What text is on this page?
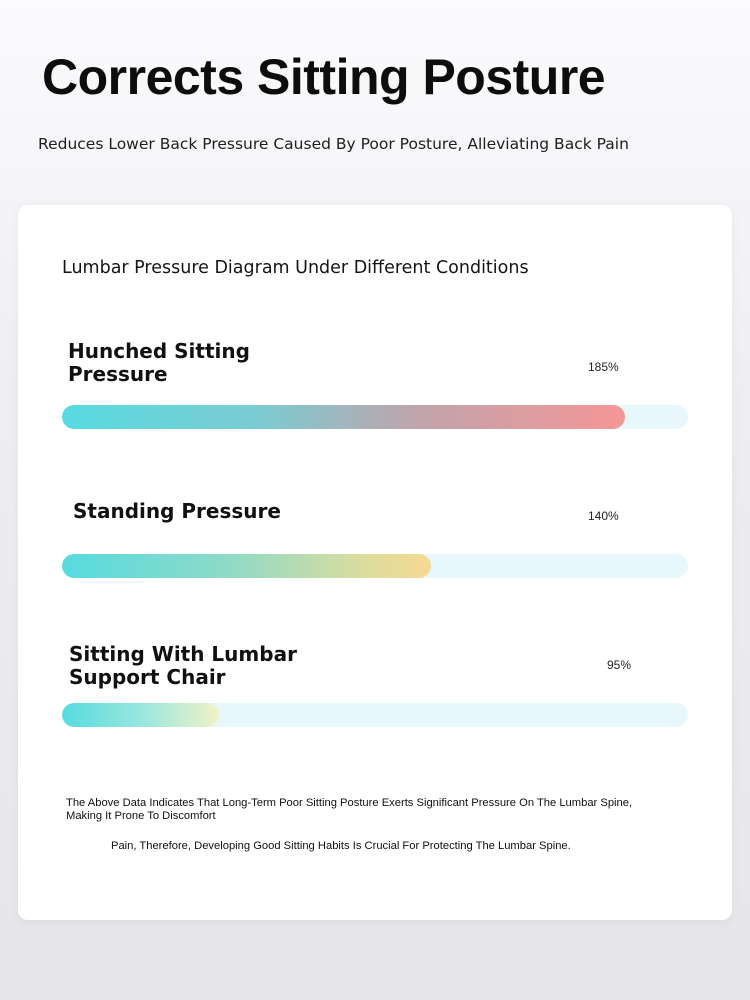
Corrects Sitting Posture

Reduces Lower Back Pressure Caused By Poor Posture, Alleviating Back Pain

Lumbar Pressure Diagram Under Different Conditions

Hunched Sitting
Pressure	185%
Standing Pressure	140%
Sitting With Lumbar
Support Chair	95%

The Above Data Indicates That Long-Term Poor Sitting Posture Exerts Significant Pressure On The Lumbar Spine,
Making It Prone To Discomfort

Pain, Therefore, Developing Good Sitting Habits Is Crucial For Protecting The Lumbar Spine.
